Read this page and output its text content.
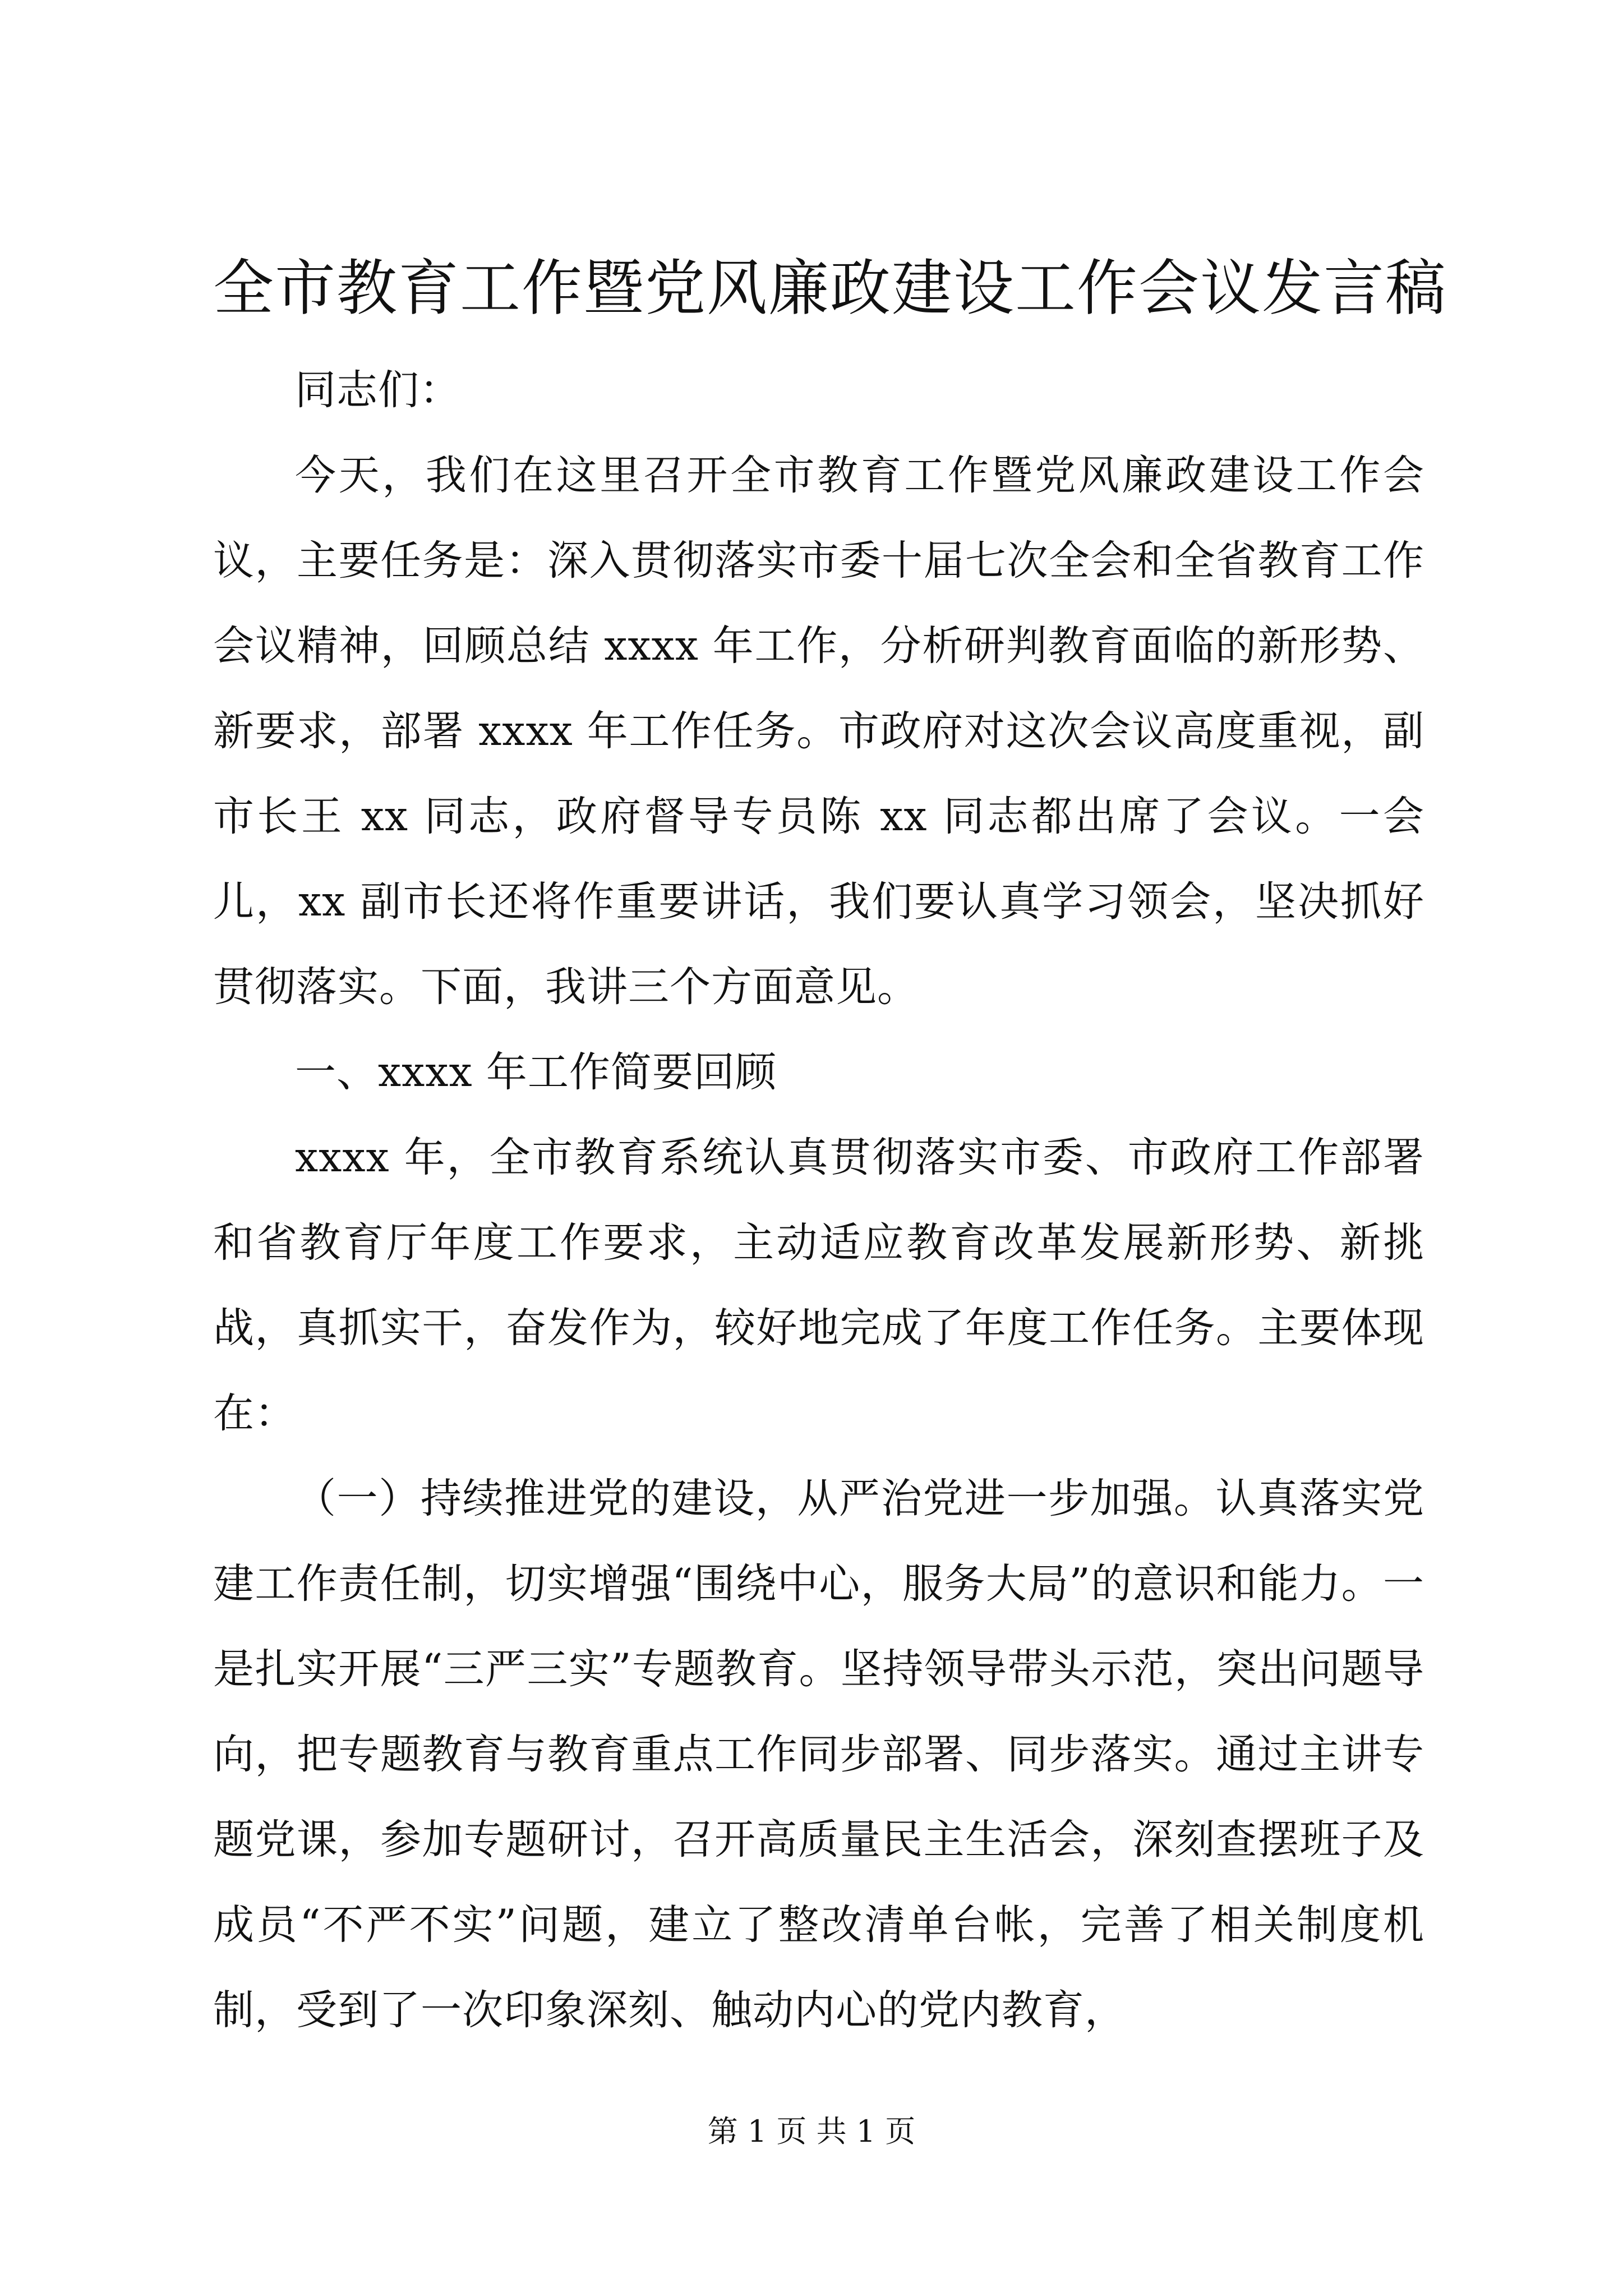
全市教育工作暨党风廉政建设工作会议发言稿

同志们：

今天，我们在这里召开全市教育工作暨党风廉政建设工作会议，主要任务是：深入贯彻落实市委十届七次全会和全省教育工作会议精神，回顾总结 xxxx 年工作，分析研判教育面临的新形势、新要求，部署 xxxx 年工作任务。市政府对这次会议高度重视，副市长王 xx 同志，政府督导专员陈 xx 同志都出席了会议。一会儿，xx 副市长还将作重要讲话，我们要认真学习领会，坚决抓好贯彻落实。下面，我讲三个方面意见。

一、xxxx 年工作简要回顾

xxxx 年，全市教育系统认真贯彻落实市委、市政府工作部署和省教育厅年度工作要求，主动适应教育改革发展新形势、新挑战，真抓实干，奋发作为，较好地完成了年度工作任务。主要体现在：

（一）持续推进党的建设，从严治党进一步加强。认真落实党建工作责任制，切实增强“围绕中心，服务大局”的意识和能力。一是扎实开展“三严三实”专题教育。坚持领导带头示范，突出问题导向，把专题教育与教育重点工作同步部署、同步落实。通过主讲专题党课，参加专题研讨，召开高质量民主生活会，深刻查摆班子及成员“不严不实”问题，建立了整改清单台帐，完善了相关制度机制，受到了一次印象深刻、触动内心的党内教育，

第 1 页 共 1 页
